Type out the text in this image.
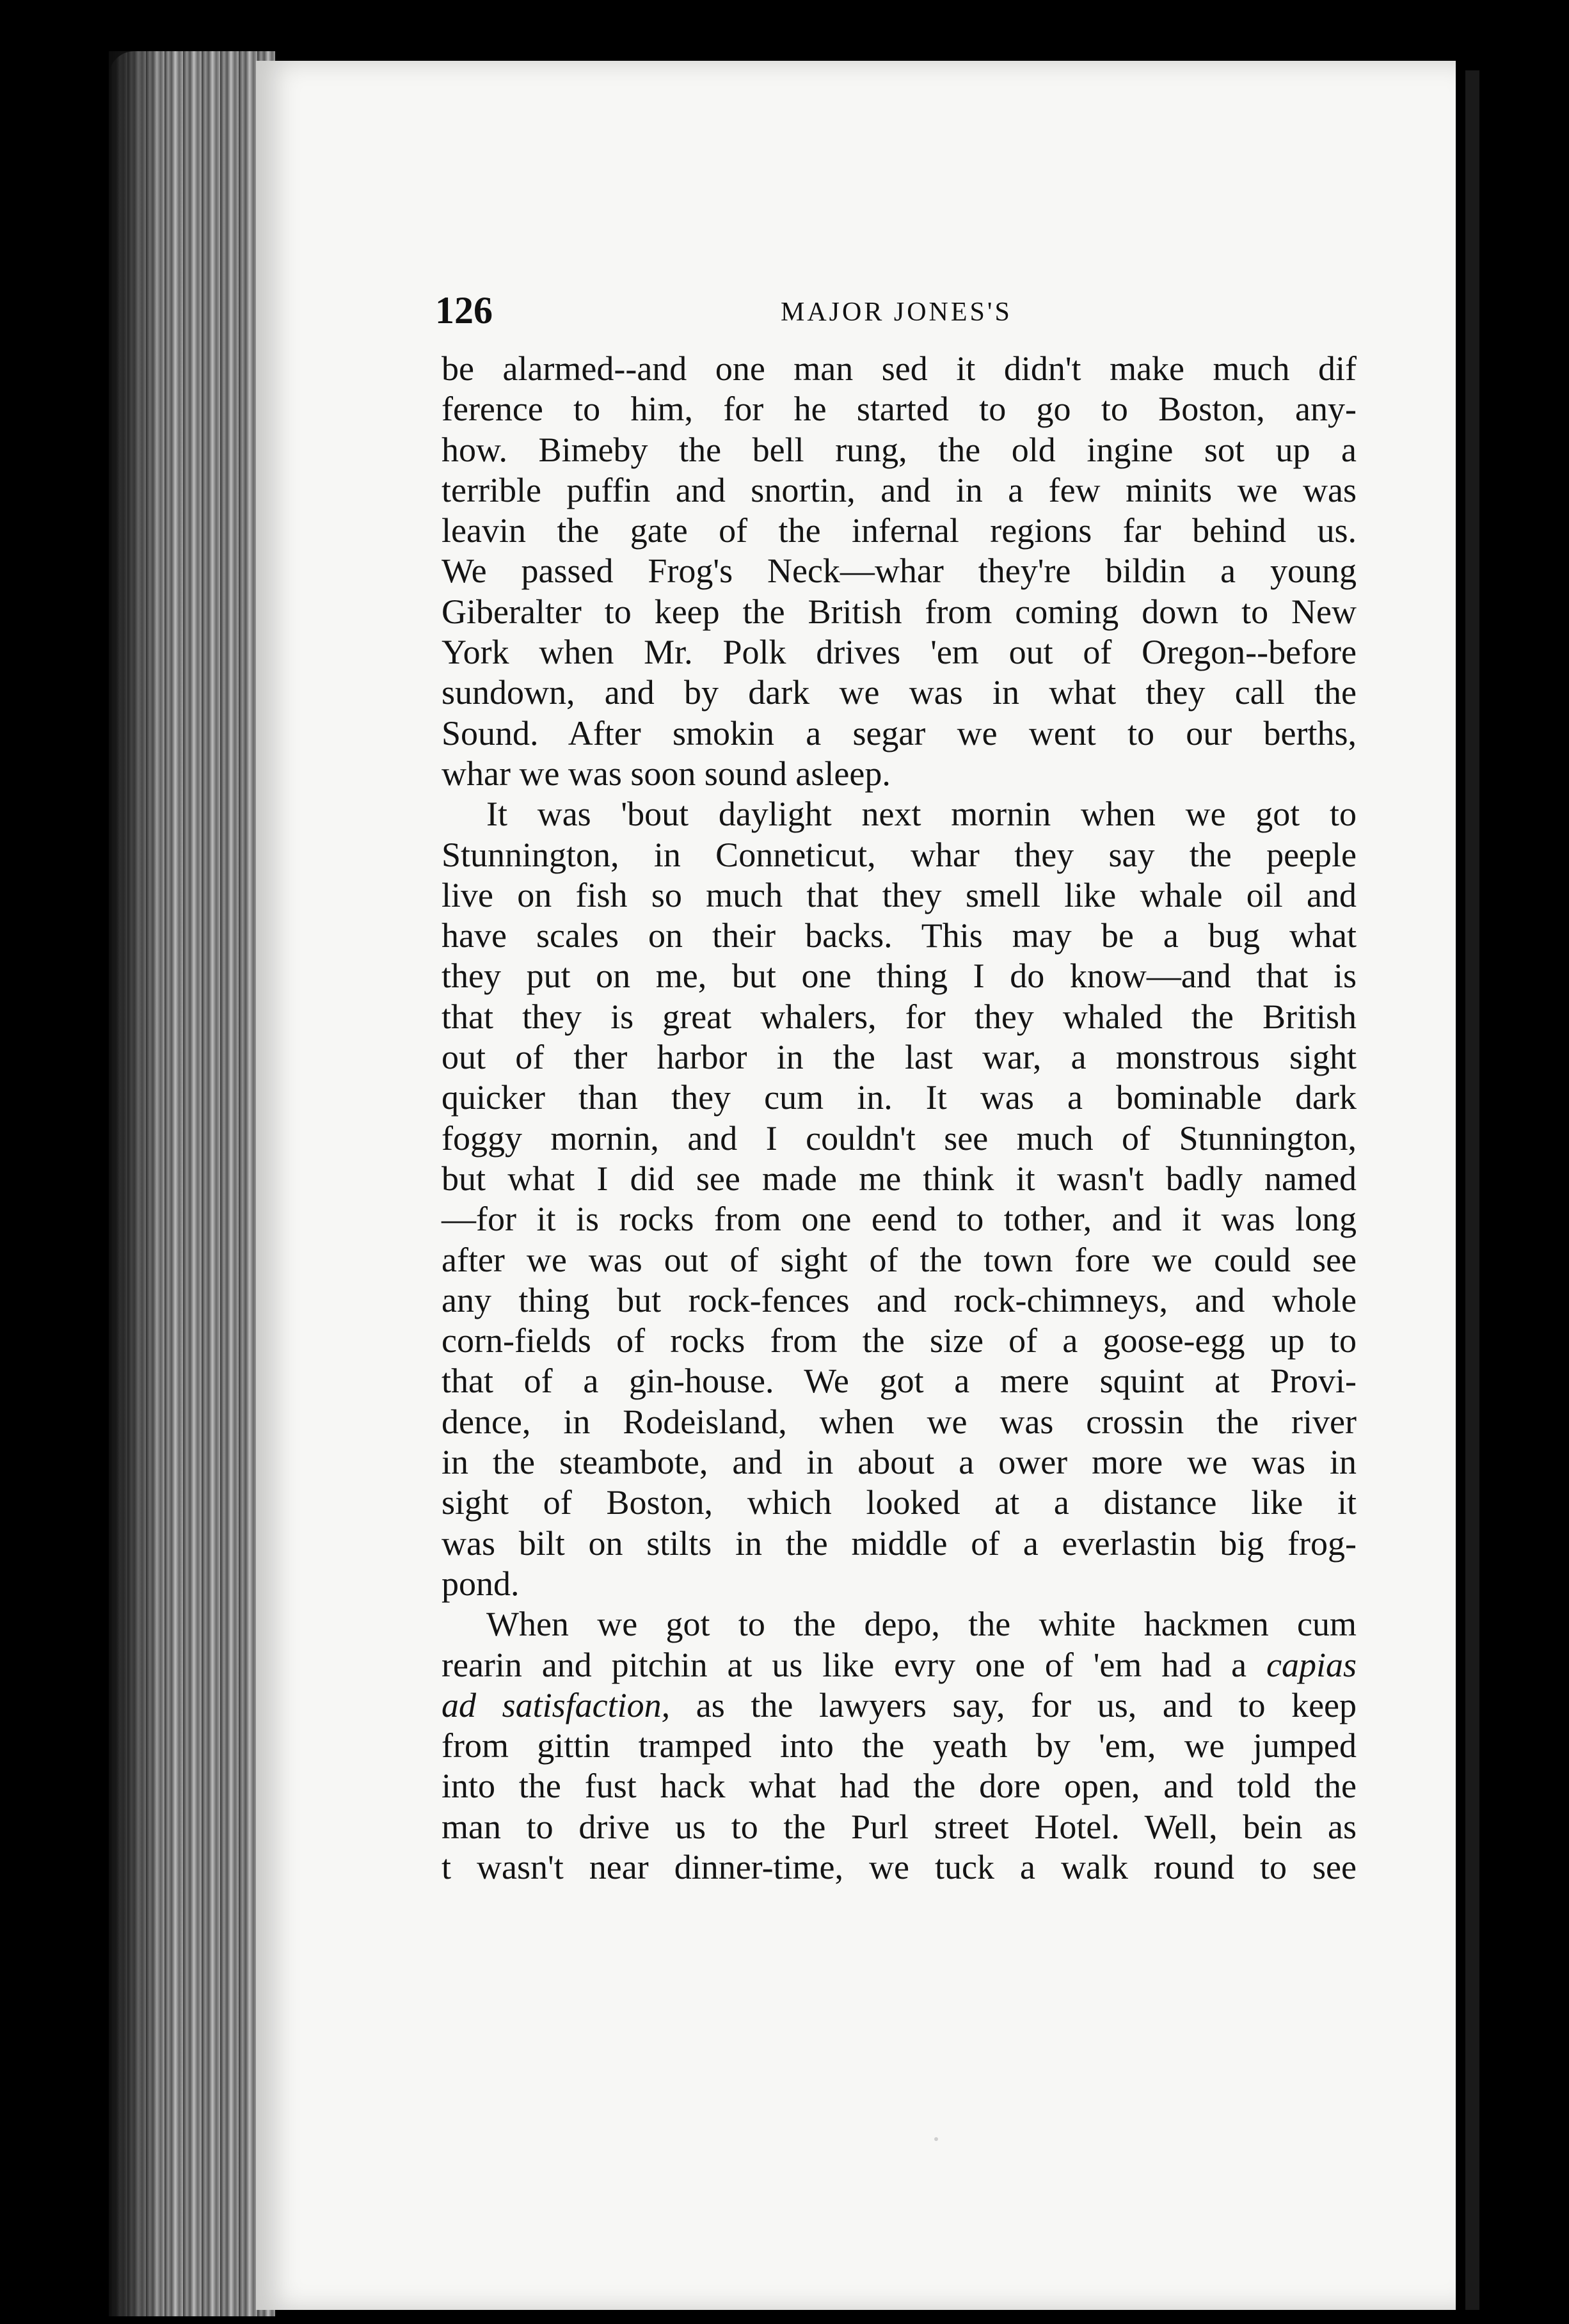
126	MAJOR JONES'S
be alarmed--and one man sed it didn't make much dif
ference to him, for he started to go to Boston, any-
how. Bimeby the bell rung, the old ingine sot up a
terrible puffin and snortin, and in a few minits we was
leavin the gate of the infernal regions far behind us.
We passed Frog's Neck—whar they're bildin a young
Giberalter to keep the British from coming down to New
York when Mr. Polk drives 'em out of Oregon--before
sundown, and by dark we was in what they call the
Sound. After smokin a segar we went to our berths,
whar we was soon sound asleep.
It was 'bout daylight next mornin when we got to
Stunnington, in Conneticut, whar they say the peeple
live on fish so much that they smell like whale oil and
have scales on their backs. This may be a bug what
they put on me, but one thing I do know—and that is
that they is great whalers, for they whaled the British
out of ther harbor in the last war, a monstrous sight
quicker than they cum in. It was a bominable dark
foggy mornin, and I couldn't see much of Stunnington,
but what I did see made me think it wasn't badly named
—for it is rocks from one eend to tother, and it was long
after we was out of sight of the town fore we could see
any thing but rock-fences and rock-chimneys, and whole
corn-fields of rocks from the size of a goose-egg up to
that of a gin-house. We got a mere squint at Provi-
dence, in Rodeisland, when we was crossin the river
in the steambote, and in about a ower more we was in
sight of Boston, which looked at a distance like it
was bilt on stilts in the middle of a everlastin big frog-
pond.
When we got to the depo, the white hackmen cum
rearin and pitchin at us like evry one of 'em had a capias
ad satisfaction, as the lawyers say, for us, and to keep
from gittin tramped into the yeath by 'em, we jumped
into the fust hack what had the dore open, and told the
man to drive us to the Purl street Hotel. Well, bein as
t wasn't near dinner-time, we tuck a walk round to see
